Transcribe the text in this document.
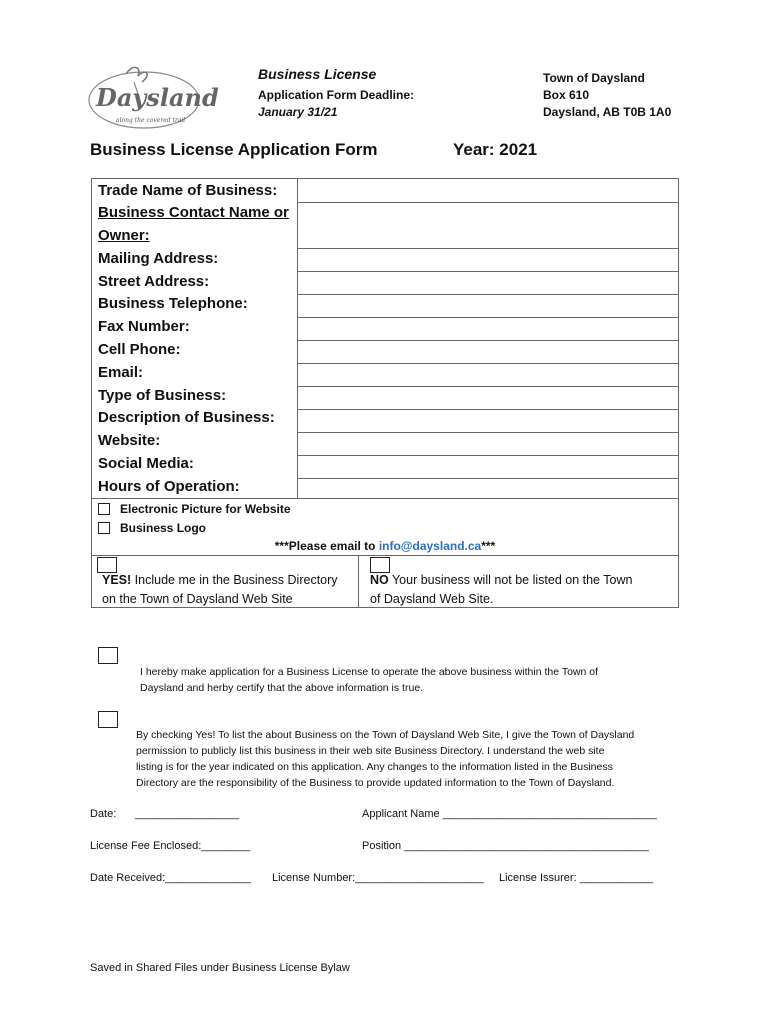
Daysland
along the covered trail
Business License
Application Form Deadline:
January 31/21
Town of Daysland
Box 610
Daysland, AB T0B 1A0
Business License Application Form	Year: 2021
Trade Name of Business:
Business Contact Name or
Owner:
Mailing Address:
Street Address:
Business Telephone:
Fax Number:
Cell Phone:
Email:
Type of Business:
Description of Business:
Website:
Social Media:
Hours of Operation:
Electronic Picture for Website
Business Logo
***Please email to info@daysland.ca***
YES! Include me in the Business Directory
on the Town of Daysland Web Site
NO Your business will not be listed on the Town
of Daysland Web Site.
I hereby make application for a Business License to operate the above business within the Town of
Daysland and herby certify that the above information is true.
By checking Yes! To list the about Business on the Town of Daysland Web Site, I give the Town of Daysland
permission to publicly list this business in their web site Business Directory. I understand the web site
listing is for the year indicated on this application. Any changes to the information listed in the Business
Directory are the responsibility of the Business to provide updated information to the Town of Daysland.
Date: _________________	Applicant Name ___________________________________
License Fee Enclosed:________	Position ________________________________________
Date Received:______________ License Number:_____________________ License Issurer: ____________
Saved in Shared Files under Business License Bylaw
